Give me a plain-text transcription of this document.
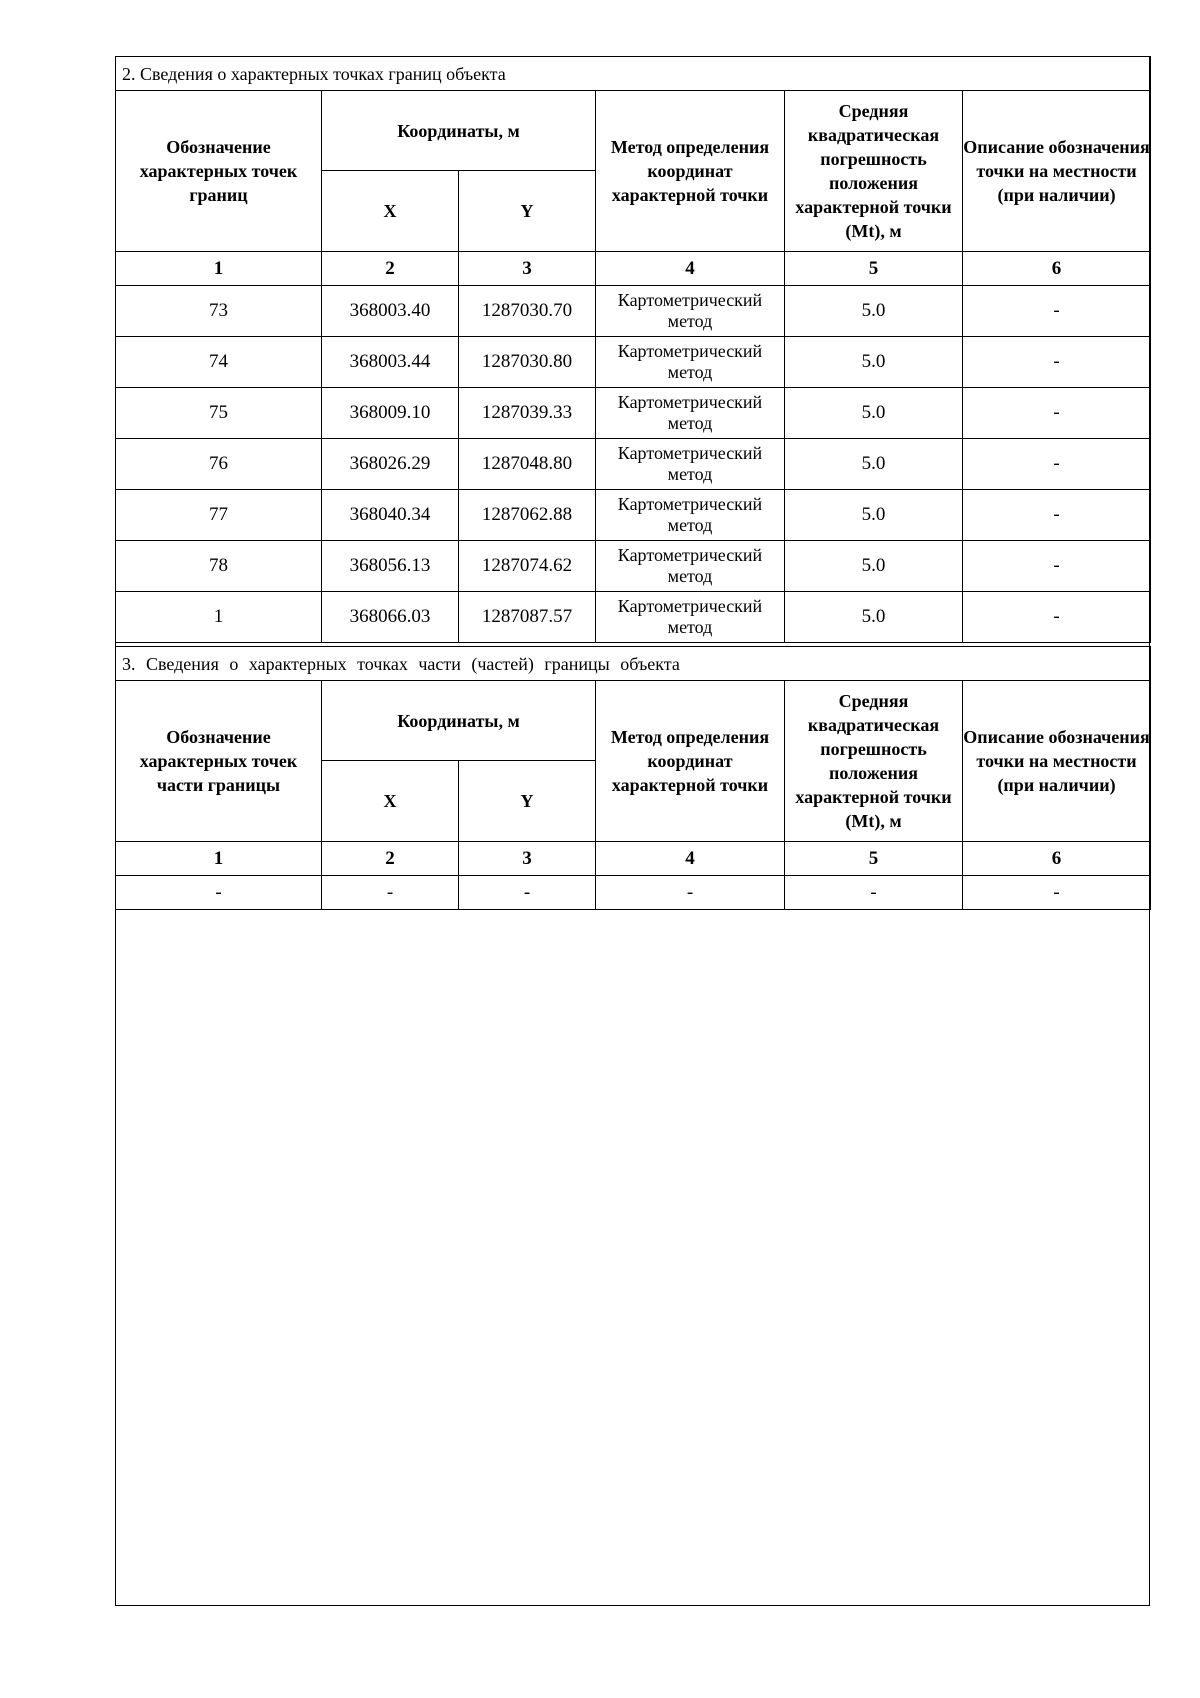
2. Сведения о характерных точках границ объекта					
Обозначение характерных точек границ	Координаты, м		Метод определения координат характерной точки	Средняя квадратическая погрешность положения характерной точки (Mt), м	Описание обозначения точки на местности (при наличии)
	X	Y			
1	2	3	4	5	6
73	368003.40	1287030.70	Картометрический метод	5.0	-
74	368003.44	1287030.80	Картометрический метод	5.0	-
75	368009.10	1287039.33	Картометрический метод	5.0	-
76	368026.29	1287048.80	Картометрический метод	5.0	-
77	368040.34	1287062.88	Картометрический метод	5.0	-
78	368056.13	1287074.62	Картометрический метод	5.0	-
1	368066.03	1287087.57	Картометрический метод	5.0	-
3. Сведения о характерных точках части (частей) границы объекта					
Обозначение характерных точек части границы	Координаты, м		Метод определения координат характерной точки	Средняя квадратическая погрешность положения характерной точки (Mt), м	Описание обозначения точки на местности (при наличии)
	X	Y			
1	2	3	4	5	6
-	-	-	-	-	-
